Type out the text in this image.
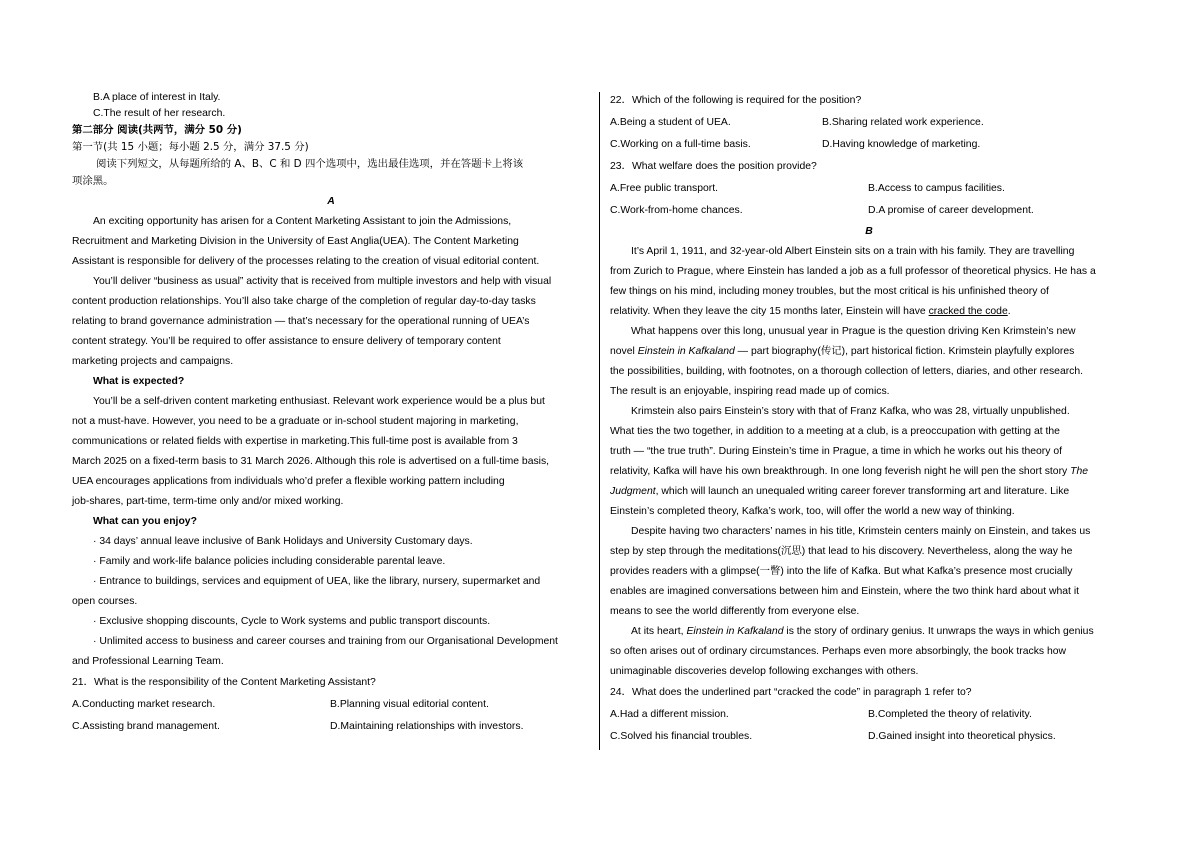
B.A place of interest in Italy.
C.The result of her research.
第二部分 阅读(共两节，满分 50 分)
第一节(共 15 小题；每小题 2.5 分，满分 37.5 分)
阅读下列短文，从每题所给的 A、B、C 和 D 四个选项中，选出最佳选项，并在答题卡上将该
项涂黑。
A
An exciting opportunity has arisen for a Content Marketing Assistant to join the Admissions,
Recruitment and Marketing Division in the University of East Anglia(UEA). The Content Marketing
Assistant is responsible for delivery of the processes relating to the creation of visual editorial content.
You’ll deliver “business as usual” activity that is received from multiple investors and help with visual
content production relationships. You’ll also take charge of the completion of regular day-to-day tasks
relating to brand governance administration — that’s necessary for the operational running of UEA’s
content strategy. You’ll be required to offer assistance to ensure delivery of temporary content
marketing projects and campaigns.
What is expected?
You’ll be a self-driven content marketing enthusiast. Relevant work experience would be a plus but
not a must-have. However, you need to be a graduate or in-school student majoring in marketing,
communications or related fields with expertise in marketing.This full-time post is available from 3
March 2025 on a fixed-term basis to 31 March 2026. Although this role is advertised on a full-time basis,
UEA encourages applications from individuals who’d prefer a flexible working pattern including
job-shares, part-time, term-time only and/or mixed working.
What can you enjoy?
· 34 days’ annual leave inclusive of Bank Holidays and University Customary days.
· Family and work-life balance policies including considerable parental leave.
· Entrance to buildings, services and equipment of UEA, like the library, nursery, supermarket and
open courses.
· Exclusive shopping discounts, Cycle to Work systems and public transport discounts.
· Unlimited access to business and career courses and training from our Organisational Development
and Professional Learning Team.
21．What is the responsibility of the Content Marketing Assistant?
A.Conducting market research.	B.Planning visual editorial content.
C.Assisting brand management.	D.Maintaining relationships with investors.
22．Which of the following is required for the position?
A.Being a student of UEA.	B.Sharing related work experience.
C.Working on a full-time basis.	D.Having knowledge of marketing.
23．What welfare does the position provide?
A.Free public transport.	B.Access to campus facilities.
C.Work-from-home chances.	D.A promise of career development.
B
It’s April 1, 1911, and 32-year-old Albert Einstein sits on a train with his family. They are travelling
from Zurich to Prague, where Einstein has landed a job as a full professor of theoretical physics. He has a
few things on his mind, including money troubles, but the most critical is his unfinished theory of
relativity. When they leave the city 15 months later, Einstein will have cracked the code.
What happens over this long, unusual year in Prague is the question driving Ken Krimstein’s new
novel Einstein in Kafkaland — part biography(传记), part historical fiction. Krimstein playfully explores
the possibilities, building, with footnotes, on a thorough collection of letters, diaries, and other research.
The result is an enjoyable, inspiring read made up of comics.
Krimstein also pairs Einstein’s story with that of Franz Kafka, who was 28, virtually unpublished.
What ties the two together, in addition to a meeting at a club, is a preoccupation with getting at the
truth — “the true truth”. During Einstein’s time in Prague, a time in which he works out his theory of
relativity, Kafka will have his own breakthrough. In one long feverish night he will pen the short story The
Judgment, which will launch an unequaled writing career forever transforming art and literature. Like
Einstein’s completed theory, Kafka’s work, too, will offer the world a new way of thinking.
Despite having two characters’ names in his title, Krimstein centers mainly on Einstein, and takes us
step by step through the meditations(沉思) that lead to his discovery. Nevertheless, along the way he
provides readers with a glimpse(一瞥) into the life of Kafka. But what Kafka’s presence most crucially
enables are imagined conversations between him and Einstein, where the two think hard about what it
means to see the world differently from everyone else.
At its heart, Einstein in Kafkaland is the story of ordinary genius. It unwraps the ways in which genius
so often arises out of ordinary circumstances. Perhaps even more absorbingly, the book tracks how
unimaginable discoveries develop following exchanges with others.
24．What does the underlined part “cracked the code” in paragraph 1 refer to?
A.Had a different mission.	B.Completed the theory of relativity.
C.Solved his financial troubles.	D.Gained insight into theoretical physics.
